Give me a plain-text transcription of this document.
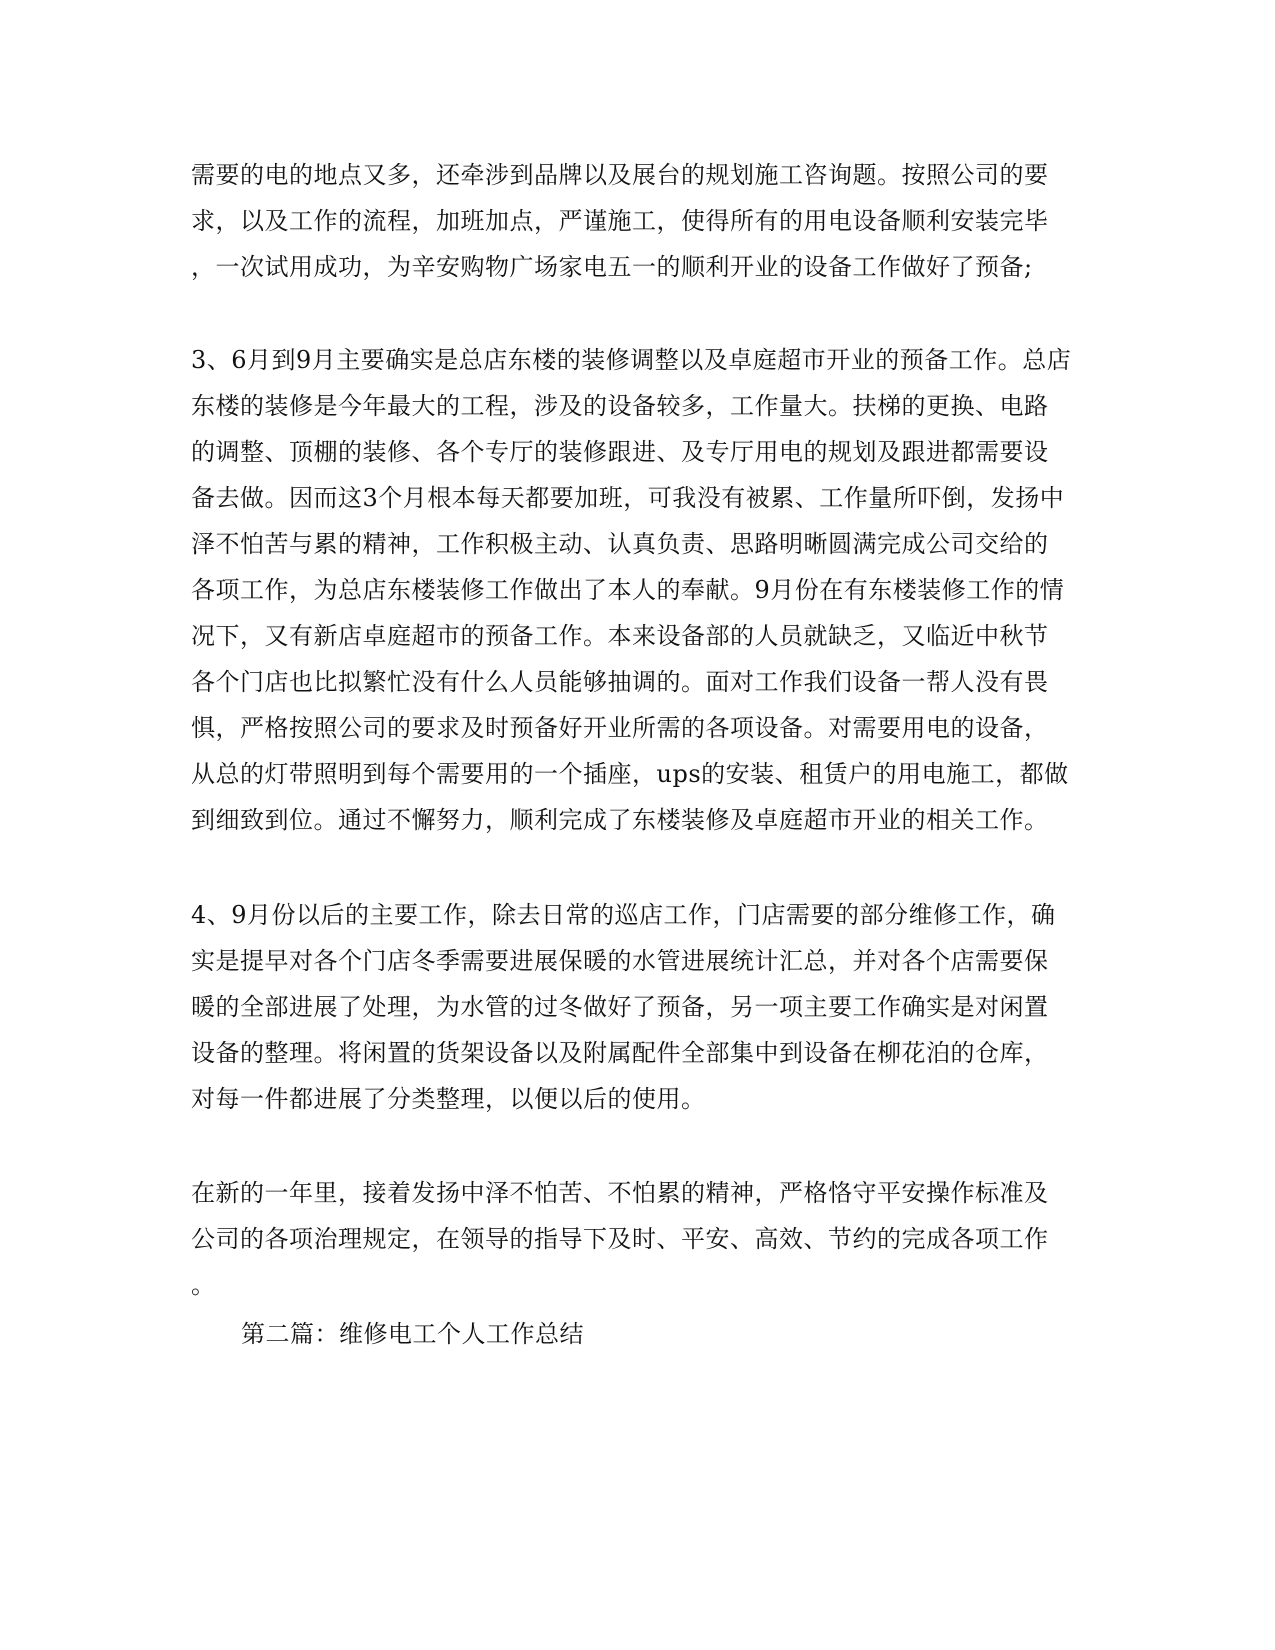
需要的电的地点又多，还牵涉到品牌以及展台的规划施工咨询题。按照公司的要
求，以及工作的流程，加班加点，严谨施工，使得所有的用电设备顺利安装完毕
，一次试用成功，为辛安购物广场家电五一的顺利开业的设备工作做好了预备;
3、6月到9月主要确实是总店东楼的装修调整以及卓庭超市开业的预备工作。总店
东楼的装修是今年最大的工程，涉及的设备较多，工作量大。扶梯的更换、电路
的调整、顶棚的装修、各个专厅的装修跟进、及专厅用电的规划及跟进都需要设
备去做。因而这3个月根本每天都要加班，可我没有被累、工作量所吓倒，发扬中
泽不怕苦与累的精神，工作积极主动、认真负责、思路明晰圆满完成公司交给的
各项工作，为总店东楼装修工作做出了本人的奉献。9月份在有东楼装修工作的情
况下，又有新店卓庭超市的预备工作。本来设备部的人员就缺乏，又临近中秋节
各个门店也比拟繁忙没有什么人员能够抽调的。面对工作我们设备一帮人没有畏
惧，严格按照公司的要求及时预备好开业所需的各项设备。对需要用电的设备，
从总的灯带照明到每个需要用的一个插座，ups的安装、租赁户的用电施工，都做
到细致到位。通过不懈努力，顺利完成了东楼装修及卓庭超市开业的相关工作。
4、9月份以后的主要工作，除去日常的巡店工作，门店需要的部分维修工作，确
实是提早对各个门店冬季需要进展保暖的水管进展统计汇总，并对各个店需要保
暖的全部进展了处理，为水管的过冬做好了预备，另一项主要工作确实是对闲置
设备的整理。将闲置的货架设备以及附属配件全部集中到设备在柳花泊的仓库，
对每一件都进展了分类整理，以便以后的使用。
在新的一年里，接着发扬中泽不怕苦、不怕累的精神，严格恪守平安操作标准及
公司的各项治理规定，在领导的指导下及时、平安、高效、节约的完成各项工作
。
第二篇：维修电工个人工作总结
